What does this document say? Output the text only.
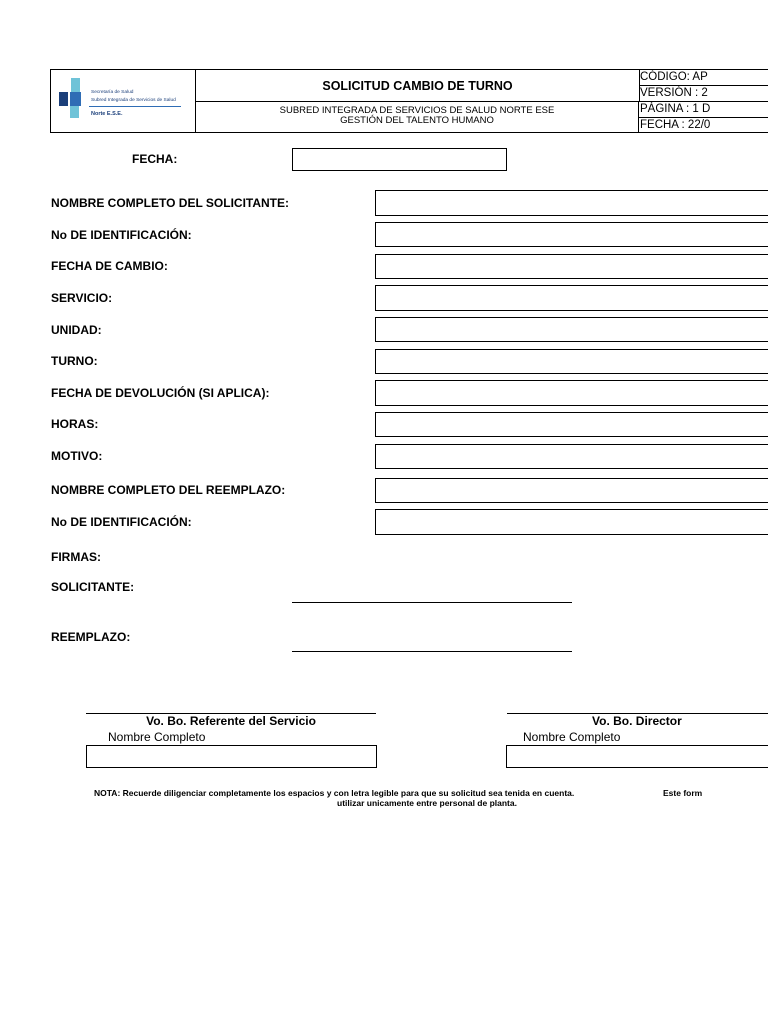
Secretaría de Salud
Subred Integrada de Servicios de Salud
Norte E.S.E.
SOLICITUD CAMBIO DE TURNO
SUBRED INTEGRADA DE SERVICIOS DE SALUD NORTE ESE
GESTIÓN DEL TALENTO HUMANO
CÓDIGO: AP
VERSIÓN : 2
PÁGINA : 1 D
FECHA : 22/0
FECHA:
NOMBRE COMPLETO DEL SOLICITANTE:
No DE IDENTIFICACIÓN:
FECHA DE CAMBIO:
SERVICIO:
UNIDAD:
TURNO:
FECHA DE DEVOLUCIÓN (SI APLICA):
HORAS:
MOTIVO:
NOMBRE COMPLETO DEL REEMPLAZO:
No DE IDENTIFICACIÓN:
FIRMAS:
SOLICITANTE:
REEMPLAZO:
Vo. Bo. Referente del Servicio
Nombre Completo
Vo. Bo. Director
Nombre Completo
NOTA: Recuerde diligenciar completamente los espacios y con letra legible para que su solicitud sea tenida en cuenta.	Este form
utilizar unicamente entre personal de planta.
